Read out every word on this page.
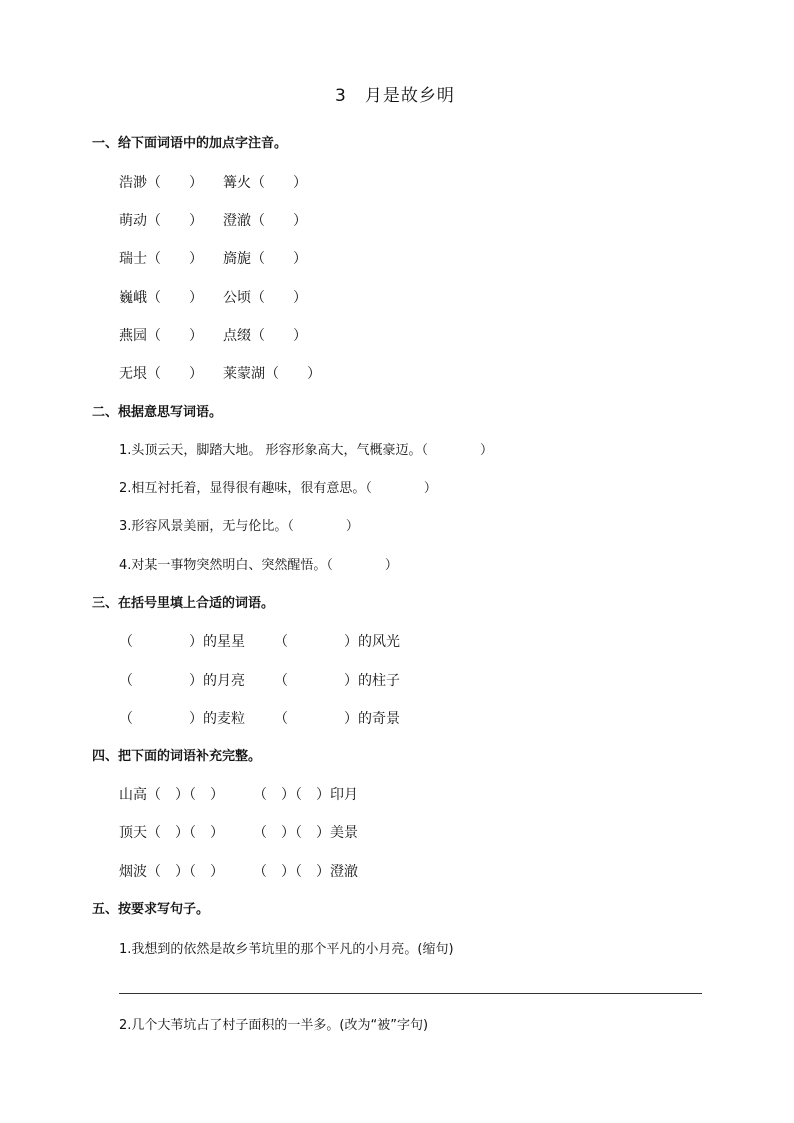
3　月是故乡明
一、给下面词语中的加点字注音。
浩渺（　　） 篝火（　　）
萌动（　　） 澄澈（　　）
瑞士（　　） 旖旎（　　）
巍峨（　　） 公顷（　　）
燕园（　　） 点缀（　　）
无垠（　　） 莱蒙湖（　　）
二、根据意思写词语。
1.头顶云天，脚踏大地。 形容形象高大，气概豪迈。（　　　　）
2.相互衬托着，显得很有趣味，很有意思。（　　　　）
3.形容风景美丽，无与伦比。（　　　　）
4.对某一事物突然明白、突然醒悟。（　　　　）
三、在括号里填上合适的词语。
（　　　　）的星星 （　　　　）的风光
（　　　　）的月亮 （　　　　）的柱子
（　　　　）的麦粒 （　　　　）的奇景
四、把下面的词语补充完整。
山高（　）（　） （　）（　）印月
顶天（　）（　） （　）（　）美景
烟波（　）（　） （　）（　）澄澈
五、按要求写句子。
1.我想到的依然是故乡苇坑里的那个平凡的小月亮。(缩句)
2.几个大苇坑占了村子面积的一半多。(改为“被”字句)
